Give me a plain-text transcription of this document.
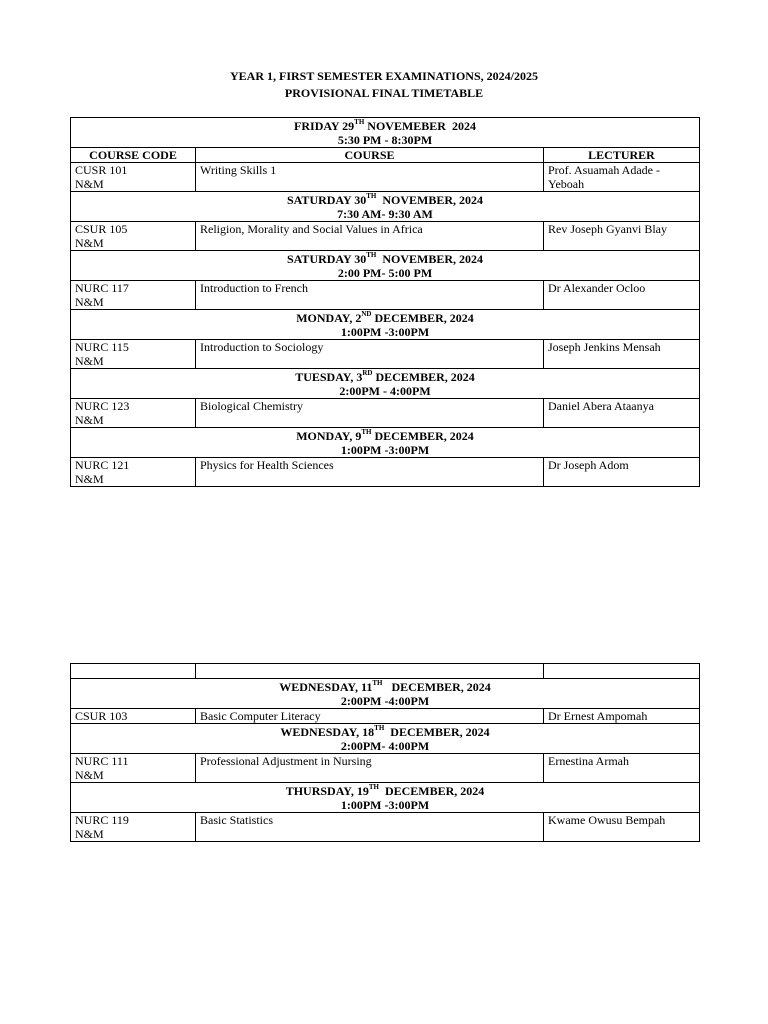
YEAR 1, FIRST SEMESTER EXAMINATIONS, 2024/2025
PROVISIONAL FINAL TIMETABLE
FRIDAY 29TH NOVEMEBER  2024
5:30 PM - 8:30PM		
COURSE CODE	COURSE	LECTURER
CUSR 101
N&M	Writing Skills 1	Prof. Asuamah Adade - Yeboah
SATURDAY 30TH  NOVEMBER, 2024
7:30 AM- 9:30 AM		
CSUR 105
N&M	Religion, Morality and Social Values in Africa	Rev Joseph Gyanvi Blay
SATURDAY 30TH  NOVEMBER, 2024
2:00 PM- 5:00 PM		
NURC 117
N&M	Introduction to French	Dr Alexander Ocloo
MONDAY, 2ND DECEMBER, 2024
1:00PM -3:00PM		
NURC 115
N&M	Introduction to Sociology	Joseph Jenkins Mensah
TUESDAY, 3RD DECEMBER, 2024
2:00PM - 4:00PM		
NURC 123
N&M	Biological Chemistry	Daniel Abera Ataanya
MONDAY, 9TH DECEMBER, 2024
1:00PM -3:00PM		
NURC 121
N&M	Physics for Health Sciences	Dr Joseph Adom

WEDNESDAY, 11TH   DECEMBER, 2024
2:00PM -4:00PM		
CSUR 103	Basic Computer Literacy	Dr Ernest Ampomah
WEDNESDAY, 18TH  DECEMBER, 2024
2:00PM- 4:00PM		
NURC 111
N&M	Professional Adjustment in Nursing	Ernestina Armah
THURSDAY, 19TH  DECEMBER, 2024
1:00PM -3:00PM		
NURC 119
N&M	Basic Statistics	Kwame Owusu Bempah
